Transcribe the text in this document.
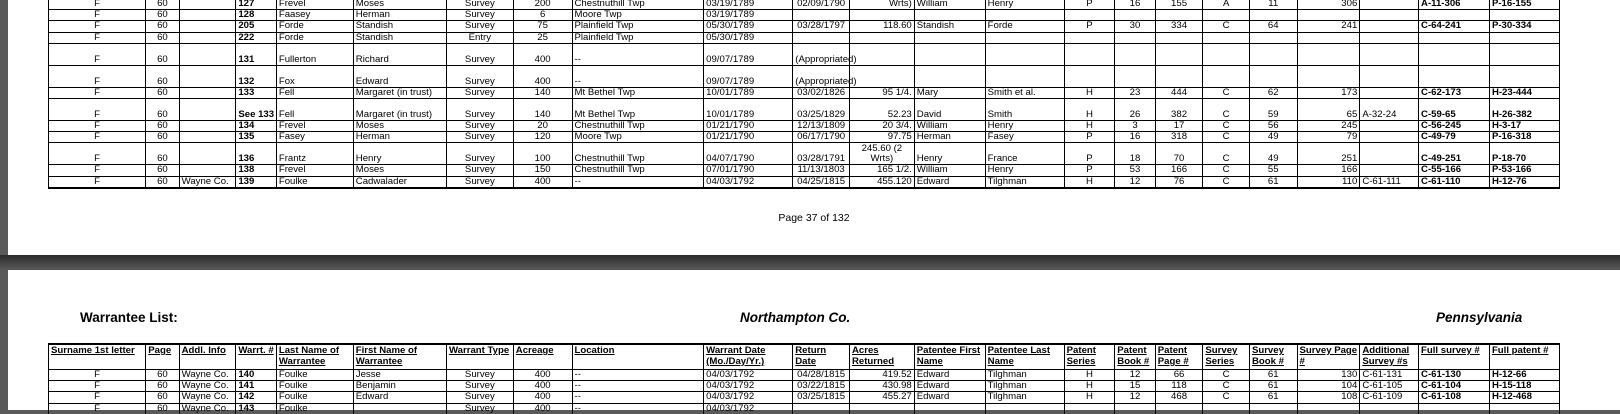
F	60		127	Frevel	Moses	Survey	200	Chestnuthill Twp	03/19/1789	02/09/1790	Wrts)	William	Henry	P	16	155	A	11	306		A-11-306	P-16-155
F	60		128	Faasey	Herman	Survey	6	Moore Twp	03/19/1789													
F	60		205	Forde	Standish	Survey	75	Plainfield Twp	05/30/1789	03/28/1797	118.60	Standish	Forde	P	30	334	C	64	241		C-64-241	P-30-334
F	60		222	Forde	Standish	Entry	25	Plainfield Twp	05/30/1789													
F	60		131	Fullerton	Richard	Survey	400	--	09/07/1789	(Appropriated)												
F	60		132	Fox	Edward	Survey	400	--	09/07/1789	(Appropriated)												
F	60		133	Fell	Margaret (in trust)	Survey	140	Mt Bethel Twp	10/01/1789	03/02/1826	95 1/4.	Mary	Smith et al.	H	23	444	C	62	173		C-62-173	H-23-444
F	60		See 133	Fell	Margaret (in trust)	Survey	140	Mt Bethel Twp	10/01/1789	03/25/1829	52.23	David	Smith	H	26	382	C	59	65	A-32-24	C-59-65	H-26-382
F	60		134	Frevel	Moses	Survey	20	Chestnuthill Twp	01/21/1790	12/13/1809	20 3/4.	William	Henry	H	3	17	C	56	245		C-56-245	H-3-17
F	60		135	Fasey	Herman	Survey	120	Moore Twp	01/21/1790	06/17/1790	97.75	Herman	Fasey	P	16	318	C	49	79		C-49-79	P-16-318
F	60		136	Frantz	Henry	Survey	100	Chestnuthill Twp	04/07/1790	03/28/1791	245.60 (2 Wrts)	Henry	France	P	18	70	C	49	251		C-49-251	P-18-70
F	60		138	Frevel	Moses	Survey	150	Chestnuthill Twp	07/01/1790	11/13/1803	165 1/2.	William	Henry	P	53	166	C	55	166		C-55-166	P-53-166
F	60	Wayne Co.	139	Foulke	Cadwalader	Survey	400	--	04/03/1792	04/25/1815	455.120	Edward	Tilghman	H	12	76	C	61	110	C-61-111	C-61-110	H-12-76
Page 37 of 132
Warrantee List:	Northampton Co.	Pennsylvania
Surname 1st letter	Page	Addl. Info	Warrt. #	Last Name of Warrantee	First Name of Warrantee	Warrant Type	Acreage	Location	Warrant Date (Mo./Day/Yr.)	Return Date	Acres Returned	Patentee First Name	Patentee Last Name	Patent Series	Patent Book #	Patent Page #	Survey Series	Survey Book #	Survey Page #	Additional Survey #s	Full survey #	Full patent #
F	60	Wayne Co.	140	Foulke	Jesse	Survey	400	--	04/03/1792	04/28/1815	419.52	Edward	Tilghman	H	12	66	C	61	130	C-61-131	C-61-130	H-12-66
F	60	Wayne Co.	141	Foulke	Benjamin	Survey	400	--	04/03/1792	03/22/1815	430.98	Edward	Tilghman	H	15	118	C	61	104	C-61-105	C-61-104	H-15-118
F	60	Wayne Co.	142	Foulke	Edward	Survey	400	--	04/03/1792	03/25/1815	455.27	Edward	Tilghman	H	12	468	C	61	108	C-61-109	C-61-108	H-12-468
F	60	Wayne Co.	143	Foulke		Survey	400	--	04/03/1792													
